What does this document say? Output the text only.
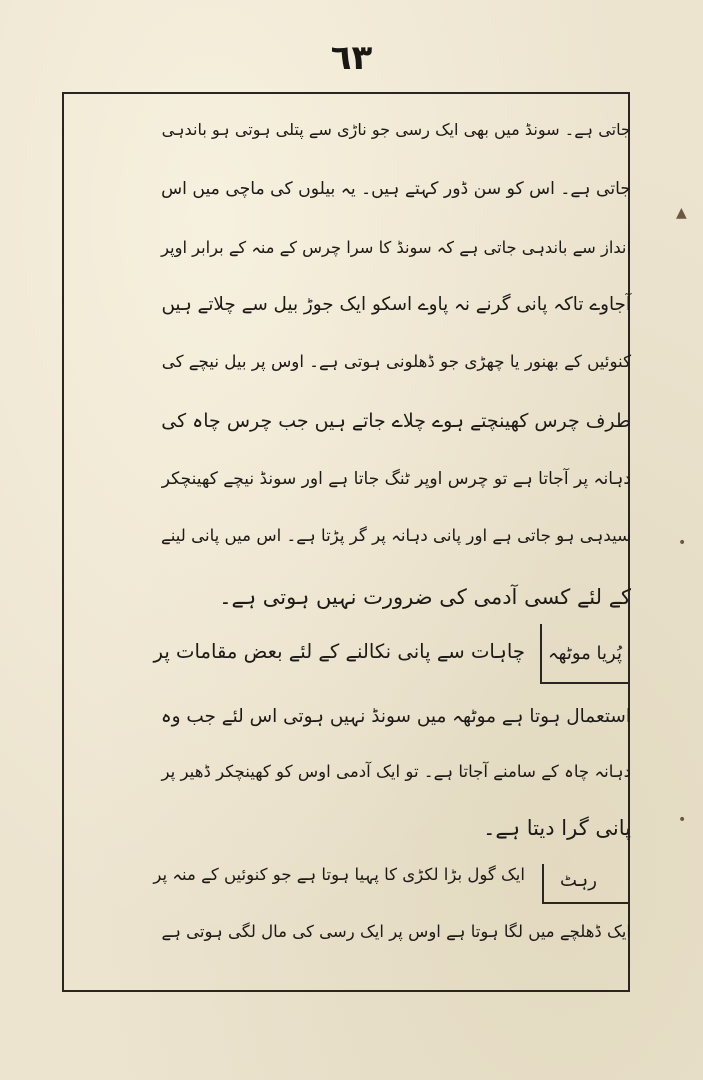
٦٣
جاتی ہے۔ سونڈ میں بھی ایک رسی جو ناڑی سے پتلی ہوتی ہو باندہی
جاتی ہے۔ اس کو سن ڈور کہتے ہیں۔ یہ بیلوں کی ماچی میں اس
انداز سے باندہی جاتی ہے کہ سونڈ کا سرا چرس کے منہ کے برابر اوپر
آجاوے تاکہ پانی گرنے نہ پاوے اسکو ایک جوڑ بیل سے چلاتے ہیں
کنوئیں کے بھنور یا چھڑی جو ڈھلونی ہوتی ہے۔ اوس پر بیل نیچے کی
طرف چرس کھینچتے ہوے چلاے جاتے ہیں جب چرس چاہ کی
دہانہ پر آجاتا ہے تو چرس اوپر ٹنگ جاتا ہے اور سونڈ نیچے کھینچکر
سیدہی ہو جاتی ہے اور پانی دہانہ پر گر پڑتا ہے۔ اس میں پانی لینے
کے لئے کسی آدمی کی ضرورت نہیں ہوتی ہے۔
پُریا موٹھہ
چاہات سے پانی نکالنے کے لئے بعض مقامات پر
استعمال ہوتا ہے موٹھہ میں سونڈ نہیں ہوتی اس لئے جب وہ
دہانہ چاہ کے سامنے آجاتا ہے۔ تو ایک آدمی اوس کو کھینچکر ڈھیر پر
پانی گرا دیتا ہے۔
رہٹ
ایک گول بڑا لکڑی کا پہیا ہوتا ہے جو کنوئیں کے منہ پر
ایک ڈھلچے میں لگا ہوتا ہے اوس پر ایک رسی کی مال لگی ہوتی ہے
▲
•
•
